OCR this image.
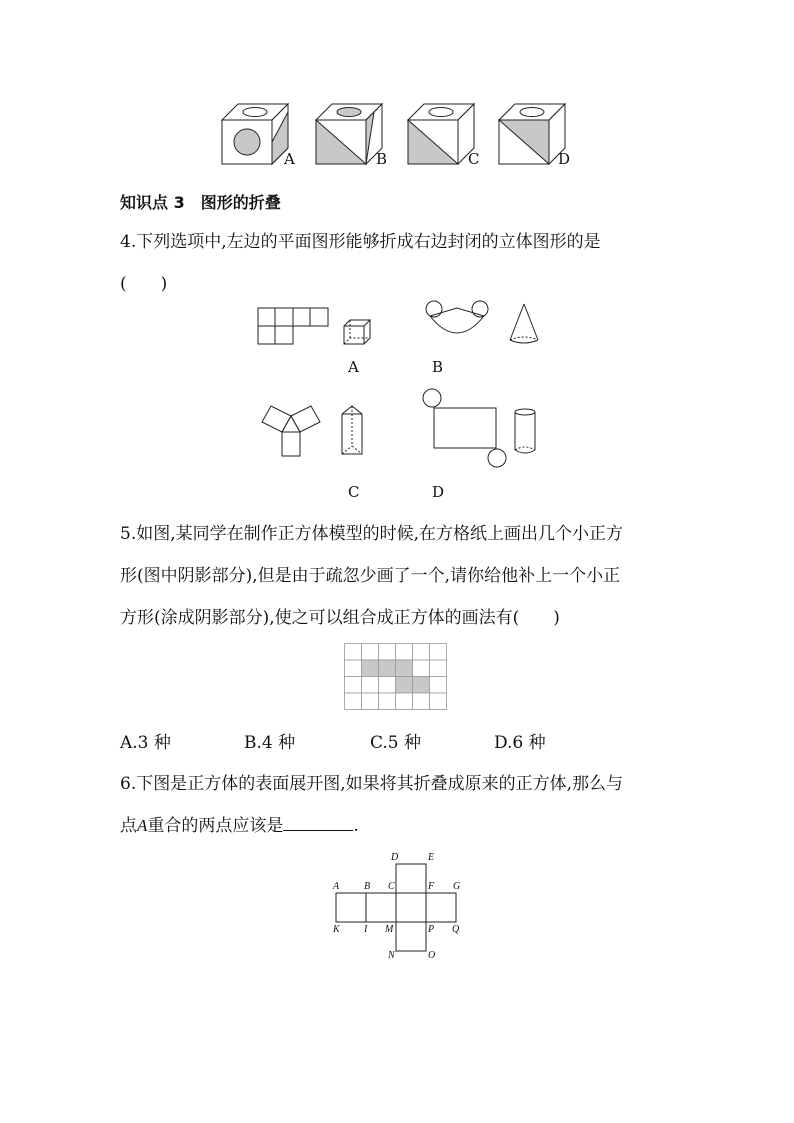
A	B	C	D
知识点 3　图形的折叠
4.下列选项中,左边的平面图形能够折成右边封闭的立体图形的是
(　　)
A	B
C	D
5.如图,某同学在制作正方体模型的时候,在方格纸上画出几个小正方
形(图中阴影部分),但是由于疏忽少画了一个,请你给他补上一个小正
方形(涂成阴影部分),使之可以组合成正方体的画法有(　　)
A.3 种	B.4 种	C.5 种	D.6 种
6.下图是正方体的表面展开图,如果将其折叠成原来的正方体,那么与
点A重合的两点应该是	.
D	E
A B C	F G
K I M	P Q
N	O
